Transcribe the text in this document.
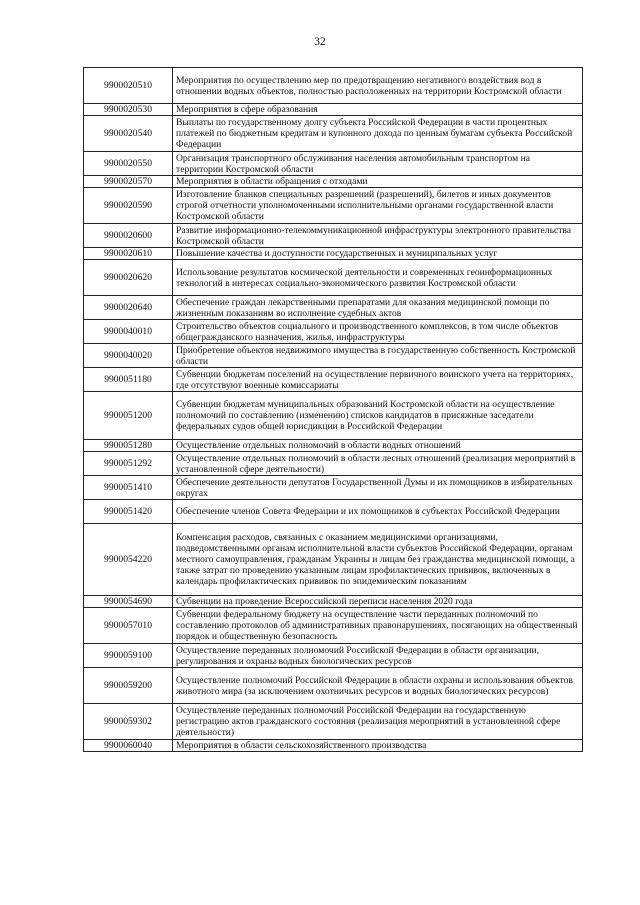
32
9900020510	Мероприятия по осуществлению мер по предотвращению негативного воздействия вод в отношении водных объектов, полностью расположенных на территории Костромской области
9900020530	Мероприятия в сфере образования
9900020540	Выплаты по государственному долгу субъекта Российской Федерации в части процентных платежей по бюджетным кредитам и купонного дохода по ценным бумагам субъекта Российской Федерации
9900020550	Организация транспортного обслуживания населения автомобильным транспортом на территории Костромской области
9900020570	Мероприятия в области обращения с отходами
9900020590	Изготовление бланков специальных разрешений (разрешений), билетов и иных документов строгой отчетности уполномоченными исполнительными органами государственной власти Костромской области
9900020600	Развитие информационно-телекоммуникационной инфраструктуры электронного правительства Костромской области
9900020610	Повышение качества и доступности государственных и муниципальных услуг
9900020620	Использование результатов космической деятельности и современных геоинформационных технологий в интересах социально-экономического развития Костромской области
9900020640	Обеспечение граждан лекарственными препаратами для оказания медицинской помощи по жизненным показаниям во исполнение судебных актов
9900040010	Строительство объектов социального и производственного комплексов, в том числе объектов общегражданского назначения, жилья, инфраструктуры
9900040020	Приобретение объектов недвижимого имущества в государственную собственность Костромской области
9900051180	Субвенции бюджетам поселений на осуществление первичного воинского учета на территориях, где отсутствуют военные комиссариаты
9900051200	Субвенции бюджетам муниципальных образований Костромской области на осуществление полномочий по составлению (изменению) списков кандидатов в присяжные заседатели федеральных судов общей юрисдикции в Российской Федерации
9900051280	Осуществление отдельных полномочий в области водных отношений
9900051292	Осуществление отдельных полномочий в области лесных отношений (реализация мероприятий в установленной сфере деятельности)
9900051410	Обеспечение деятельности депутатов Государственной Думы и их помощников в избирательных округах
9900051420	Обеспечение членов Совета Федерации и их помощников в субъектах Российской Федерации
9900054220	Компенсация расходов, связанных с оказанием медицинскими организациями, подведомственными органам исполнительной власти субъектов Российской Федерации, органам местного самоуправления, гражданам Украины и лицам без гражданства медицинской помощи, а также затрат по проведению указанным лицам профилактических прививок, включенных в календарь профилактических прививок по эпидемическим показаниям
9900054690	Субвенции на проведение Всероссийской переписи населения 2020 года
9900057010	Субвенции федеральному бюджету на осуществление части переданных полномочий по составлению протоколов об административных правонарушениях, посягающих на общественный порядок и общественную безопасность
9900059100	Осуществление переданных полномочий Российской Федерации в области организации, регулирования и охраны водных биологических ресурсов
9900059200	Осуществление полномочий Российской Федерации в области охраны и использования объектов животного мира (за исключением охотничьих ресурсов и водных биологических ресурсов)
9900059302	Осуществление переданных полномочий Российской Федерации на государственную регистрацию актов гражданского состояния (реализация мероприятий в установленной сфере деятельности)
9900060040	Мероприятия в области сельскохозяйственного производства
